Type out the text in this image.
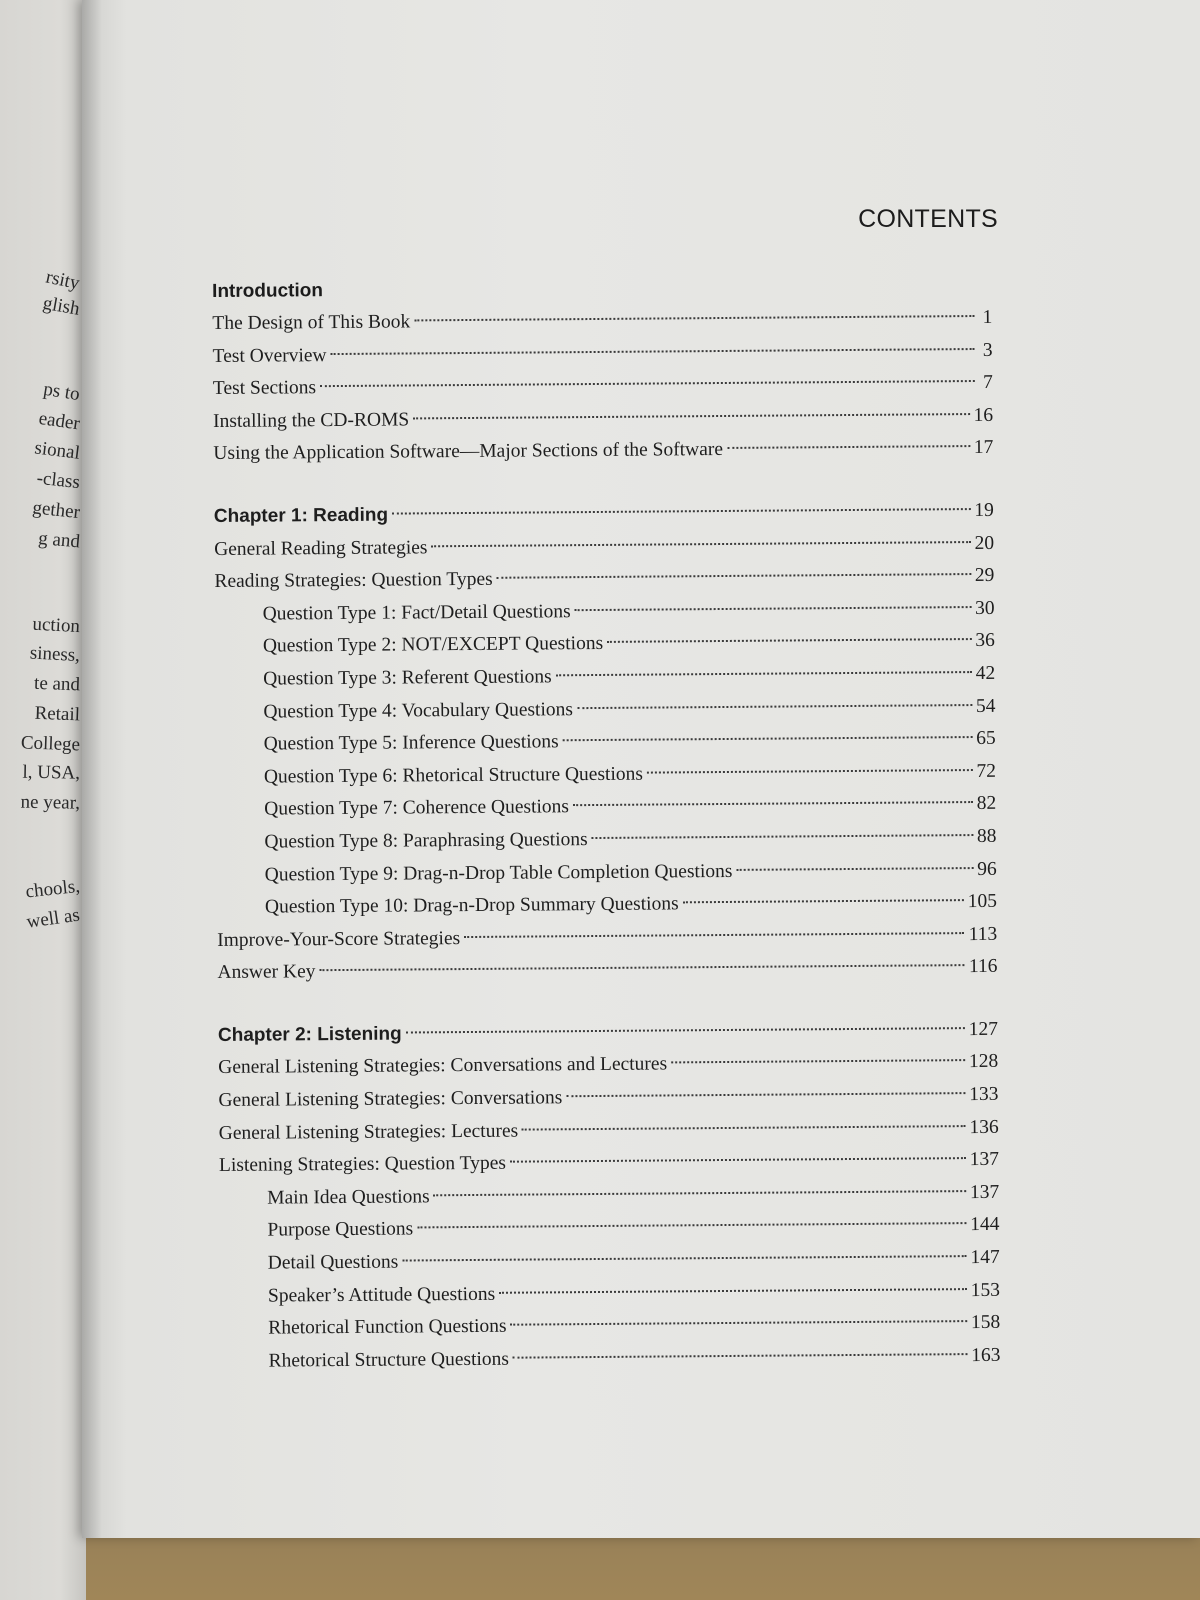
rsity
glish
ps to
eader
sional
-class
gether
g and
uction
siness,
te and
Retail
College
l, USA,
ne year,
chools,
well as
CONTENTS
Introduction
The Design of This Book	1
Test Overview	3
Test Sections	7
Installing the CD-ROMS	16
Using the Application Software—Major Sections of the Software	17
Chapter 1: Reading	19
General Reading Strategies	20
Reading Strategies: Question Types	29
Question Type 1: Fact/Detail Questions	30
Question Type 2: NOT/EXCEPT Questions	36
Question Type 3: Referent Questions	42
Question Type 4: Vocabulary Questions	54
Question Type 5: Inference Questions	65
Question Type 6: Rhetorical Structure Questions	72
Question Type 7: Coherence Questions	82
Question Type 8: Paraphrasing Questions	88
Question Type 9: Drag-n-Drop Table Completion Questions	96
Question Type 10: Drag-n-Drop Summary Questions	105
Improve-Your-Score Strategies	113
Answer Key	116
Chapter 2: Listening	127
General Listening Strategies: Conversations and Lectures	128
General Listening Strategies: Conversations	133
General Listening Strategies: Lectures	136
Listening Strategies: Question Types	137
Main Idea Questions	137
Purpose Questions	144
Detail Questions	147
Speaker’s Attitude Questions	153
Rhetorical Function Questions	158
Rhetorical Structure Questions	163
